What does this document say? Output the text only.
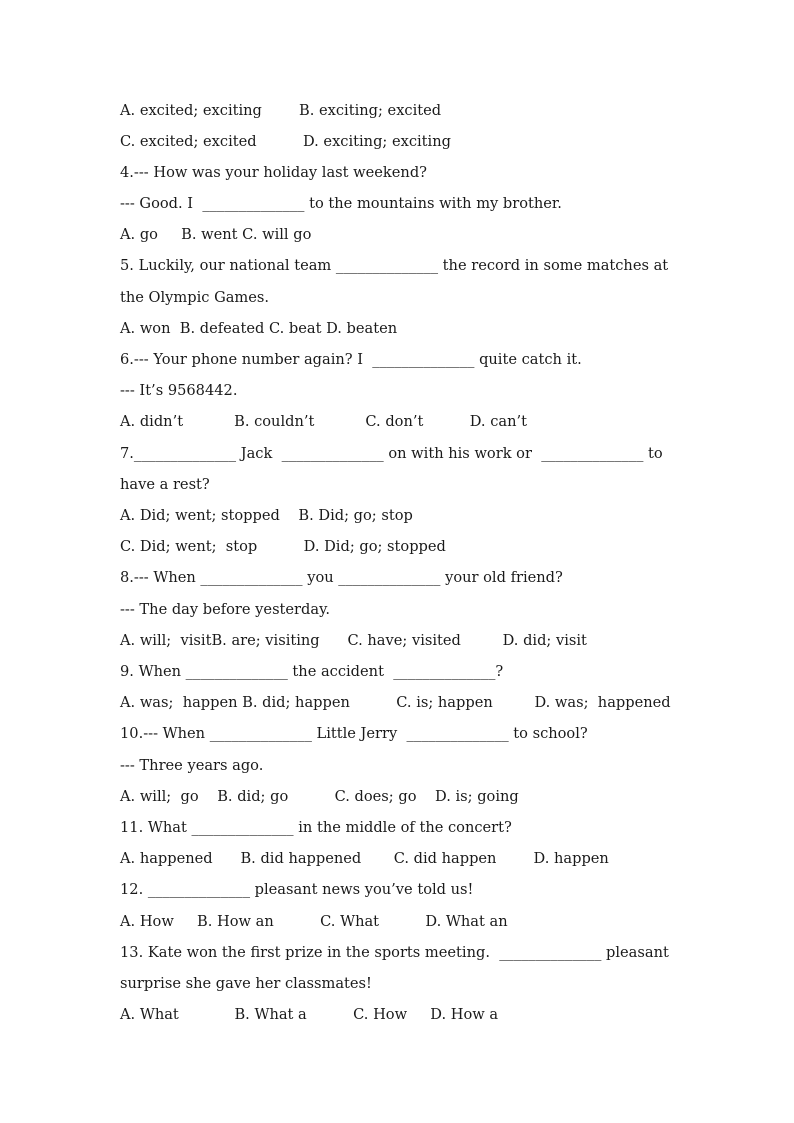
A. excited; exciting        B. exciting; excited
C. excited; excited          D. exciting; exciting
4.--- How was your holiday last weekend?
--- Good. I  ______________ to the mountains with my brother.
A. go     B. went C. will go
5. Luckily, our national team ______________ the record in some matches at
the Olympic Games.
A. won  B. defeated C. beat D. beaten
6.--- Your phone number again? I  ______________ quite catch it.
--- It’s 9568442.
A. didn’t           B. couldn’t           C. don’t          D. can’t
7.______________ Jack  ______________ on with his work or  ______________ to
have a rest?
A. Did; went; stopped    B. Did; go; stop
C. Did; went;  stop          D. Did; go; stopped
8.--- When ______________ you ______________ your old friend?
--- The day before yesterday.
A. will;  visitB. are; visiting      C. have; visited         D. did; visit
9. When ______________ the accident  ______________?
A. was;  happen B. did; happen          C. is; happen         D. was;  happened
10.--- When ______________ Little Jerry  ______________ to school?
--- Three years ago.
A. will;  go    B. did; go          C. does; go    D. is; going
11. What ______________ in the middle of the concert?
A. happened      B. did happened       C. did happen        D. happen
12. ______________ pleasant news you’ve told us!
A. How     B. How an          C. What          D. What an
13. Kate won the first prize in the sports meeting.  ______________ pleasant
surprise she gave her classmates!
A. What            B. What a          C. How     D. How a
